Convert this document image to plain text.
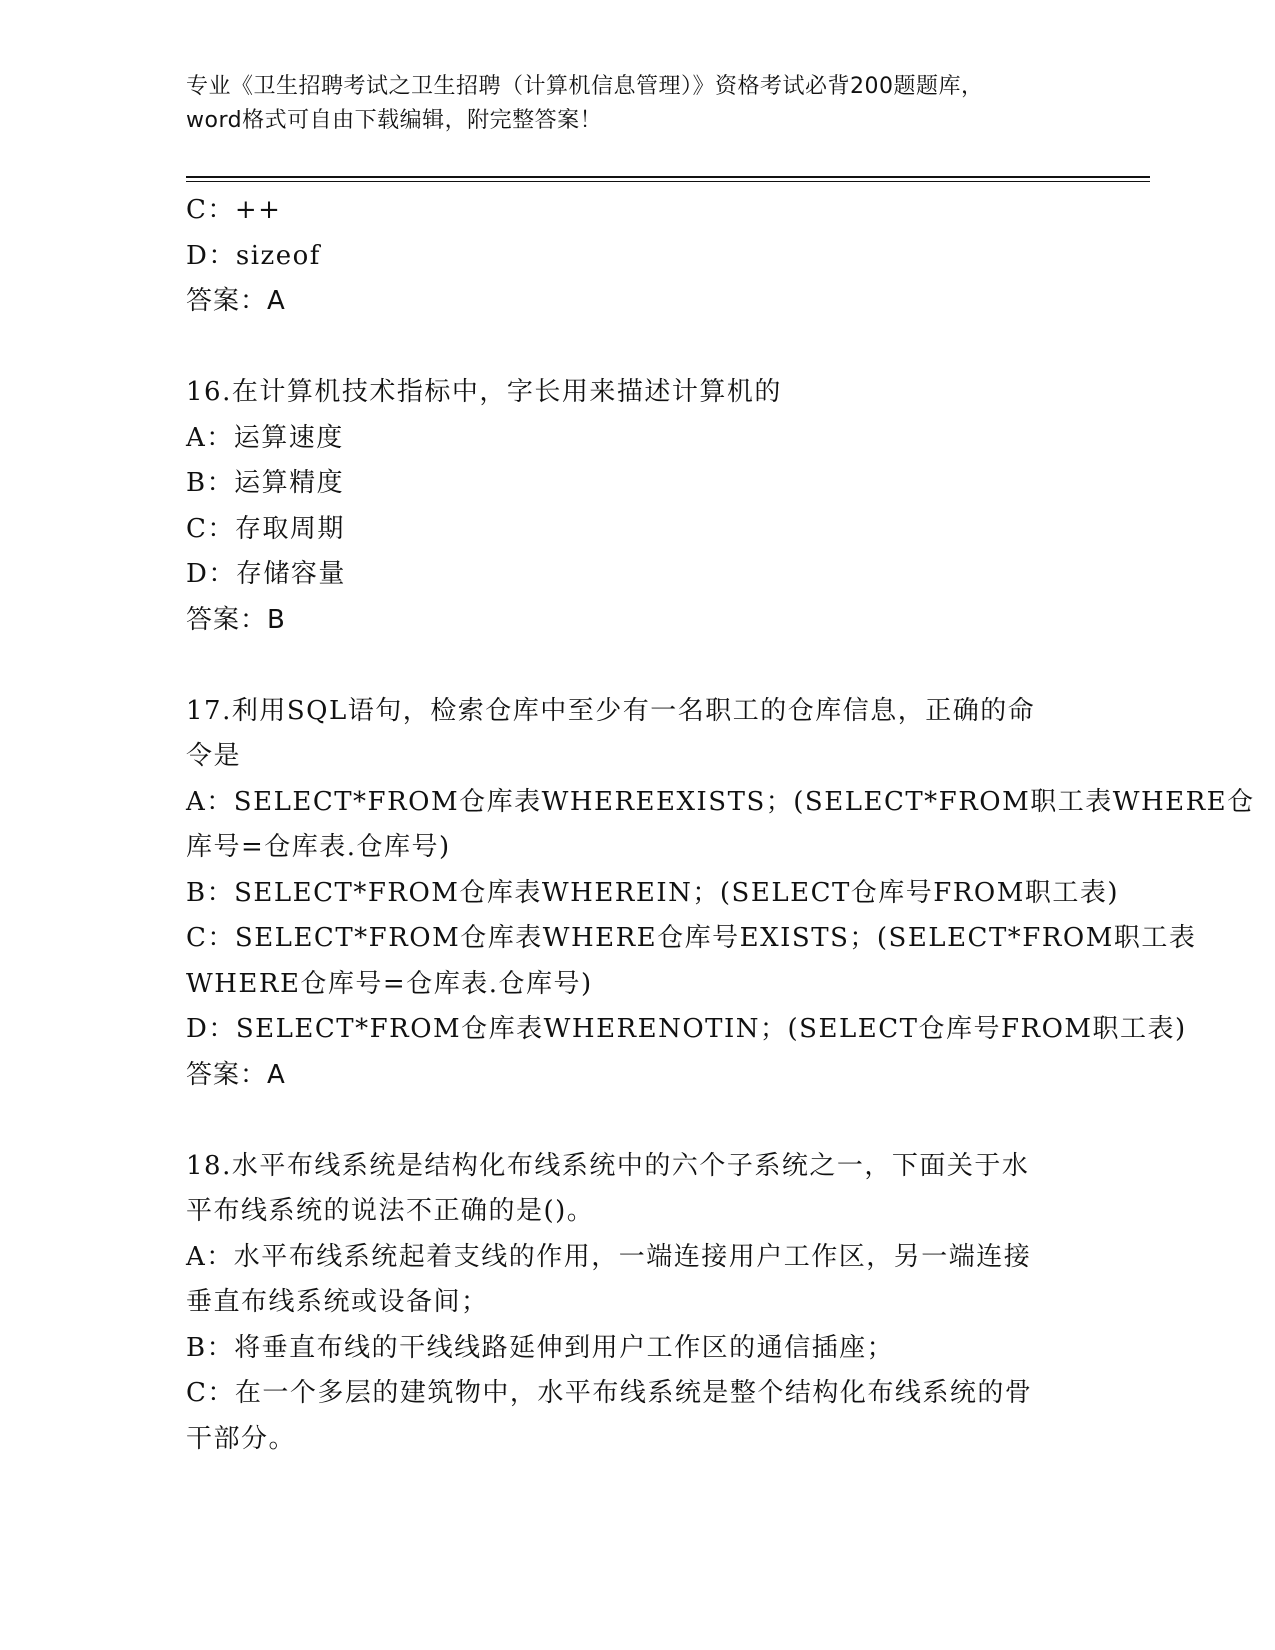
专业《卫生招聘考试之卫生招聘（计算机信息管理）》资格考试必背200题题库，
word格式可自由下载编辑，附完整答案！
C：++
D：sizeof
答案：A
16.在计算机技术指标中，字长用来描述计算机的
A：运算速度
B：运算精度
C：存取周期
D：存储容量
答案：B
17.利用SQL语句，检索仓库中至少有一名职工的仓库信息，正确的命
令是
A：SELECT*FROM仓库表WHEREEXISTS；(SELECT*FROM职工表WHERE仓
库号=仓库表.仓库号)
B：SELECT*FROM仓库表WHEREIN；(SELECT仓库号FROM职工表)
C：SELECT*FROM仓库表WHERE仓库号EXISTS；(SELECT*FROM职工表
WHERE仓库号=仓库表.仓库号)
D：SELECT*FROM仓库表WHERENOTIN；(SELECT仓库号FROM职工表)
答案：A
18.水平布线系统是结构化布线系统中的六个子系统之一，下面关于水
平布线系统的说法不正确的是()。
A：水平布线系统起着支线的作用，一端连接用户工作区，另一端连接
垂直布线系统或设备间；
B：将垂直布线的干线线路延伸到用户工作区的通信插座；
C：在一个多层的建筑物中，水平布线系统是整个结构化布线系统的骨
干部分。
